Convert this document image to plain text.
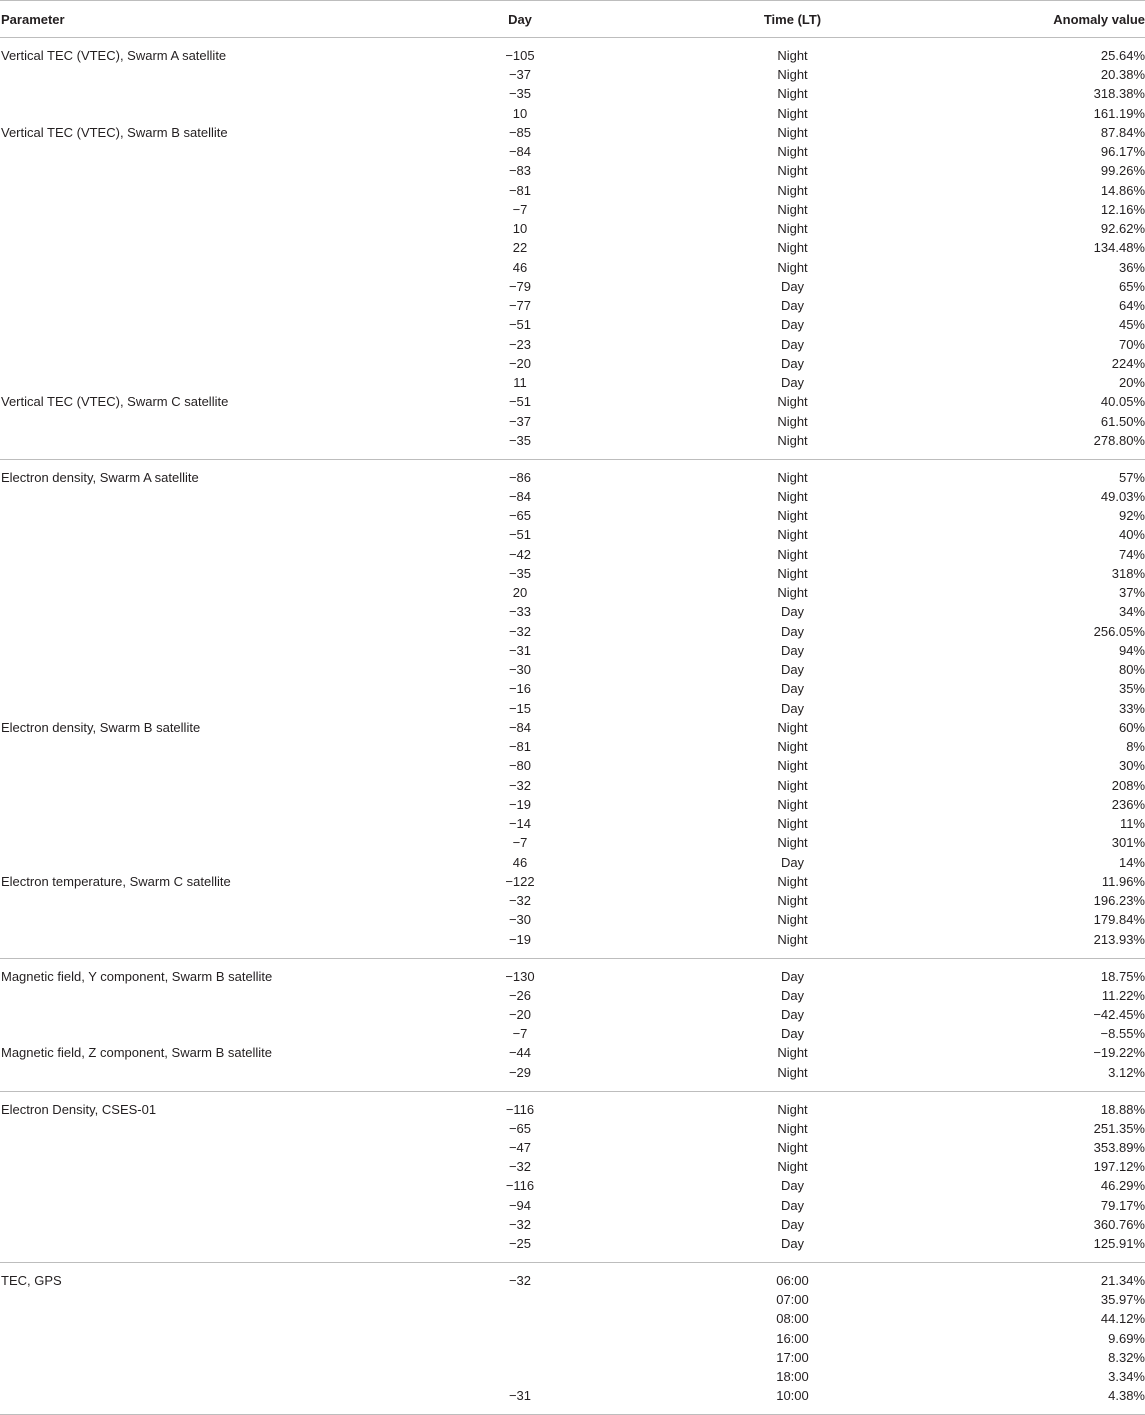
Parameter	Day	Time (LT)	Anomaly value
Vertical TEC (VTEC), Swarm A satellite	−105	Night	25.64%
	−37	Night	20.38%
	−35	Night	318.38%
	10	Night	161.19%
Vertical TEC (VTEC), Swarm B satellite	−85	Night	87.84%
	−84	Night	96.17%
	−83	Night	99.26%
	−81	Night	14.86%
	−7	Night	12.16%
	10	Night	92.62%
	22	Night	134.48%
	46	Night	36%
	−79	Day	65%
	−77	Day	64%
	−51	Day	45%
	−23	Day	70%
	−20	Day	224%
	11	Day	20%
Vertical TEC (VTEC), Swarm C satellite	−51	Night	40.05%
	−37	Night	61.50%
	−35	Night	278.80%
Electron density, Swarm A satellite	−86	Night	57%
	−84	Night	49.03%
	−65	Night	92%
	−51	Night	40%
	−42	Night	74%
	−35	Night	318%
	20	Night	37%
	−33	Day	34%
	−32	Day	256.05%
	−31	Day	94%
	−30	Day	80%
	−16	Day	35%
	−15	Day	33%
Electron density, Swarm B satellite	−84	Night	60%
	−81	Night	8%
	−80	Night	30%
	−32	Night	208%
	−19	Night	236%
	−14	Night	11%
	−7	Night	301%
	46	Day	14%
Electron temperature, Swarm C satellite	−122	Night	11.96%
	−32	Night	196.23%
	−30	Night	179.84%
	−19	Night	213.93%
Magnetic field, Y component, Swarm B satellite	−130	Day	18.75%
	−26	Day	11.22%
	−20	Day	−42.45%
	−7	Day	−8.55%
Magnetic field, Z component, Swarm B satellite	−44	Night	−19.22%
	−29	Night	3.12%
Electron Density, CSES-01	−116	Night	18.88%
	−65	Night	251.35%
	−47	Night	353.89%
	−32	Night	197.12%
	−116	Day	46.29%
	−94	Day	79.17%
	−32	Day	360.76%
	−25	Day	125.91%
TEC, GPS	−32	06:00	21.34%
		07:00	35.97%
		08:00	44.12%
		16:00	9.69%
		17:00	8.32%
		18:00	3.34%
	−31	10:00	4.38%
